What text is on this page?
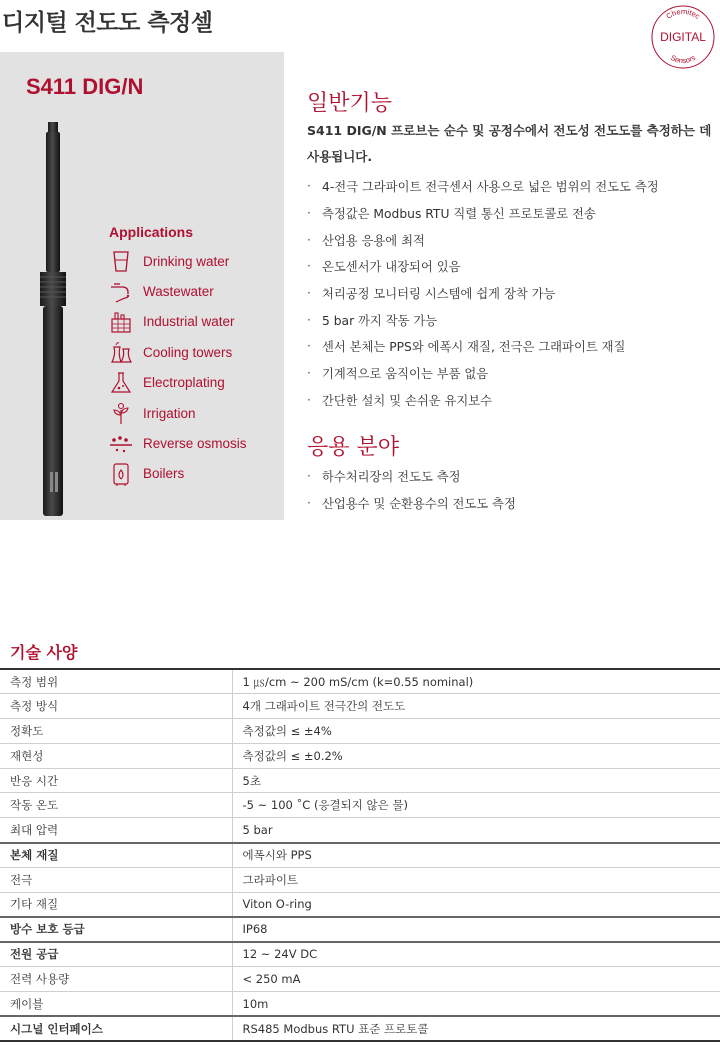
디지털 전도도 측정셀	Chemitec
DIGITAL
Sensors
S411 DIG/N
Applications
Drinking water
Wastewater
Industrial water
Cooling towers
Electroplating
Irrigation
Reverse osmosis
Boilers
일반기능

S411 DIG/N 프로브는 순수 및 공정수에서 전도성 전도도를 측정하는 데 사용됩니다.

· 4-전극 그라파이트 전극센서 사용으로 넓은 범위의 전도도 측정
· 측정값은 Modbus RTU 직렬 통신 프로토콜로 전송
· 산업용 응용에 최적
· 온도센서가 내장되어 있음
· 처리공정 모니터링 시스템에 쉽게 장착 가능
· 5 bar 까지 작동 가능
· 센서 본체는 PPS와 에폭시 재질, 전극은 그래파이트 재질
· 기계적으로 움직이는 부품 없음
· 간단한 설치 및 손쉬운 유지보수
응용 분야
· 하수처리장의 전도도 측정
· 산업용수 및 순환용수의 전도도 측정
기술 사양
측정 범위	1 ㎲/cm ~ 200 mS/cm (k=0.55 nominal)
측정 방식	4개 그래파이트 전극간의 전도도
정확도	측정값의 ≤ ±4%
재현성	측정값의 ≤ ±0.2%
반응 시간	5초
작동 온도	-5 ~ 100 ˚C (응결되지 않은 물)
최대 압력	5 bar
본체 재질	에폭시와 PPS
전극	그라파이트
기타 재질	Viton O-ring
방수 보호 등급	IP68
전원 공급	12 ~ 24V DC
전력 사용량	< 250 mA
케이블	10m
시그널 인터페이스	RS485 Modbus RTU 표준 프로토콜
